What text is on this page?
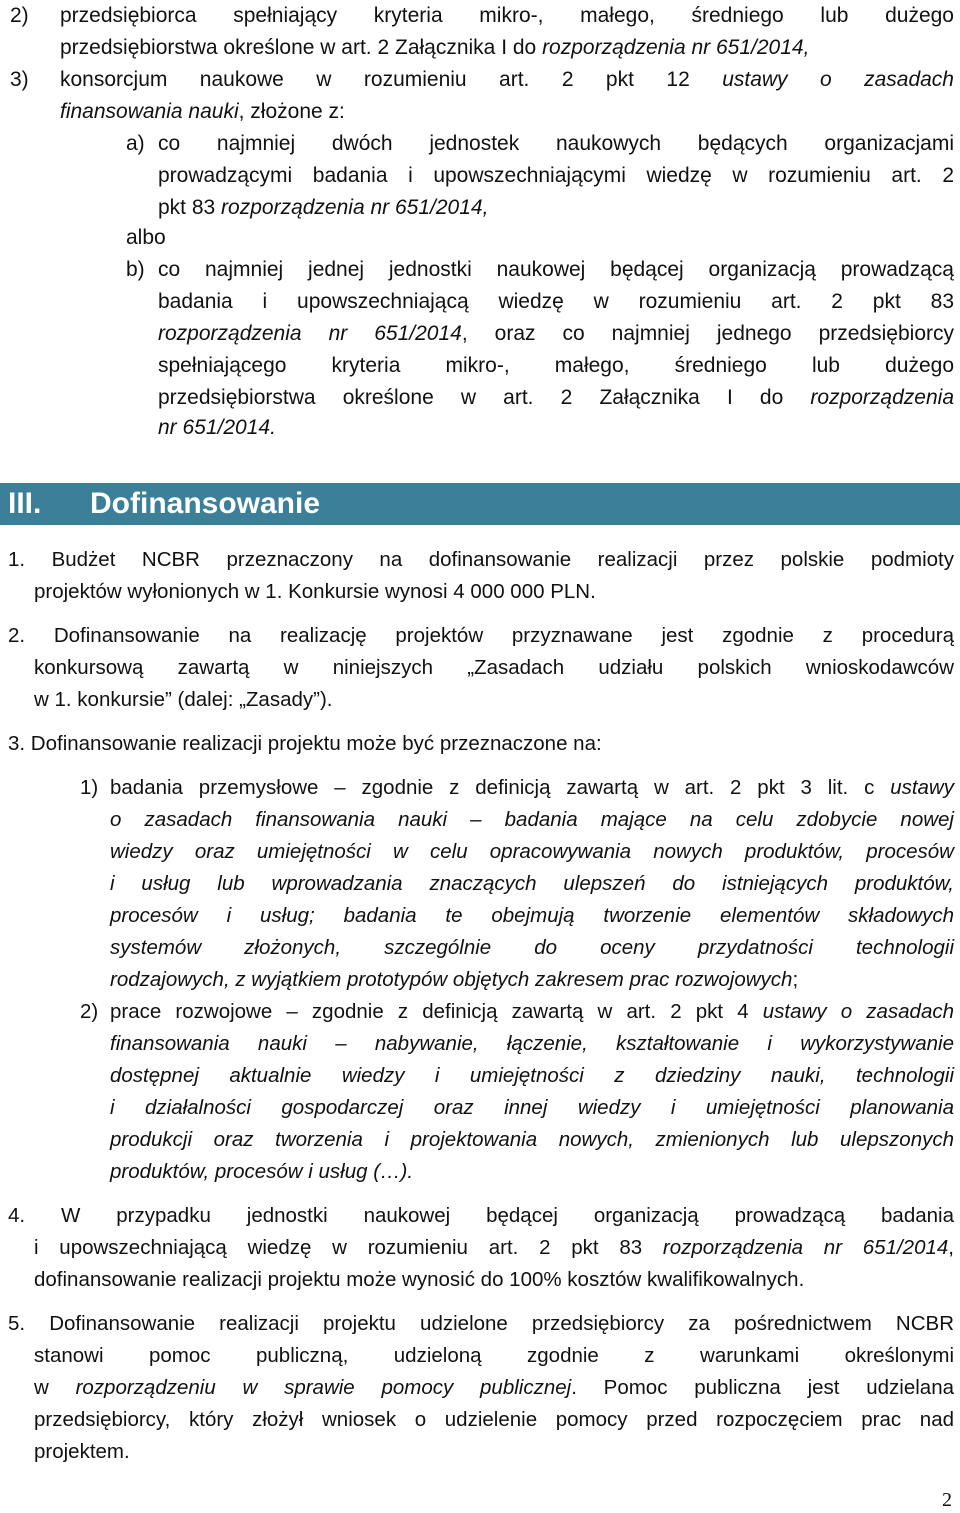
2) przedsiębiorca spełniający kryteria mikro-, małego, średniego lub dużego
przedsiębiorstwa określone w art. 2 Załącznika I do rozporządzenia nr 651/2014,
3) konsorcjum naukowe w rozumieniu art. 2 pkt 12 ustawy o zasadach
finansowania nauki, złożone z:
a) co najmniej dwóch jednostek naukowych będących organizacjami
prowadzącymi badania i upowszechniającymi wiedzę w rozumieniu art. 2
pkt 83 rozporządzenia nr 651/2014,
albo
b) co najmniej jednej jednostki naukowej będącej organizacją prowadzącą
badania i upowszechniającą wiedzę w rozumieniu art. 2 pkt 83
rozporządzenia nr 651/2014, oraz co najmniej jednego przedsiębiorcy
spełniającego kryteria mikro-, małego, średniego lub dużego
przedsiębiorstwa określone w art. 2 Załącznika I do rozporządzenia
nr 651/2014.
III. Dofinansowanie
1. Budżet NCBR przeznaczony na dofinansowanie realizacji przez polskie podmioty
projektów wyłonionych w 1. Konkursie wynosi 4 000 000 PLN.
2. Dofinansowanie na realizację projektów przyznawane jest zgodnie z procedurą
konkursową zawartą w niniejszych „Zasadach udziału polskich wnioskodawców
w 1. konkursie” (dalej: „Zasady”).
3. Dofinansowanie realizacji projektu może być przeznaczone na:
1) badania przemysłowe – zgodnie z definicją zawartą w art. 2 pkt 3 lit. c ustawy
o zasadach finansowania nauki – badania mające na celu zdobycie nowej
wiedzy oraz umiejętności w celu opracowywania nowych produktów, procesów
i usług lub wprowadzania znaczących ulepszeń do istniejących produktów,
procesów i usług; badania te obejmują tworzenie elementów składowych
systemów złożonych, szczególnie do oceny przydatności technologii
rodzajowych, z wyjątkiem prototypów objętych zakresem prac rozwojowych;
2) prace rozwojowe – zgodnie z definicją zawartą w art. 2 pkt 4 ustawy o zasadach
finansowania nauki – nabywanie, łączenie, kształtowanie i wykorzystywanie
dostępnej aktualnie wiedzy i umiejętności z dziedziny nauki, technologii
i działalności gospodarczej oraz innej wiedzy i umiejętności planowania
produkcji oraz tworzenia i projektowania nowych, zmienionych lub ulepszonych
produktów, procesów i usług (…).
4. W przypadku jednostki naukowej będącej organizacją prowadzącą badania
i upowszechniającą wiedzę w rozumieniu art. 2 pkt 83 rozporządzenia nr 651/2014,
dofinansowanie realizacji projektu może wynosić do 100% kosztów kwalifikowalnych.
5. Dofinansowanie realizacji projektu udzielone przedsiębiorcy za pośrednictwem NCBR
stanowi pomoc publiczną, udzieloną zgodnie z warunkami określonymi
w rozporządzeniu w sprawie pomocy publicznej. Pomoc publiczna jest udzielana
przedsiębiorcy, który złożył wniosek o udzielenie pomocy przed rozpoczęciem prac nad
projektem.
2
